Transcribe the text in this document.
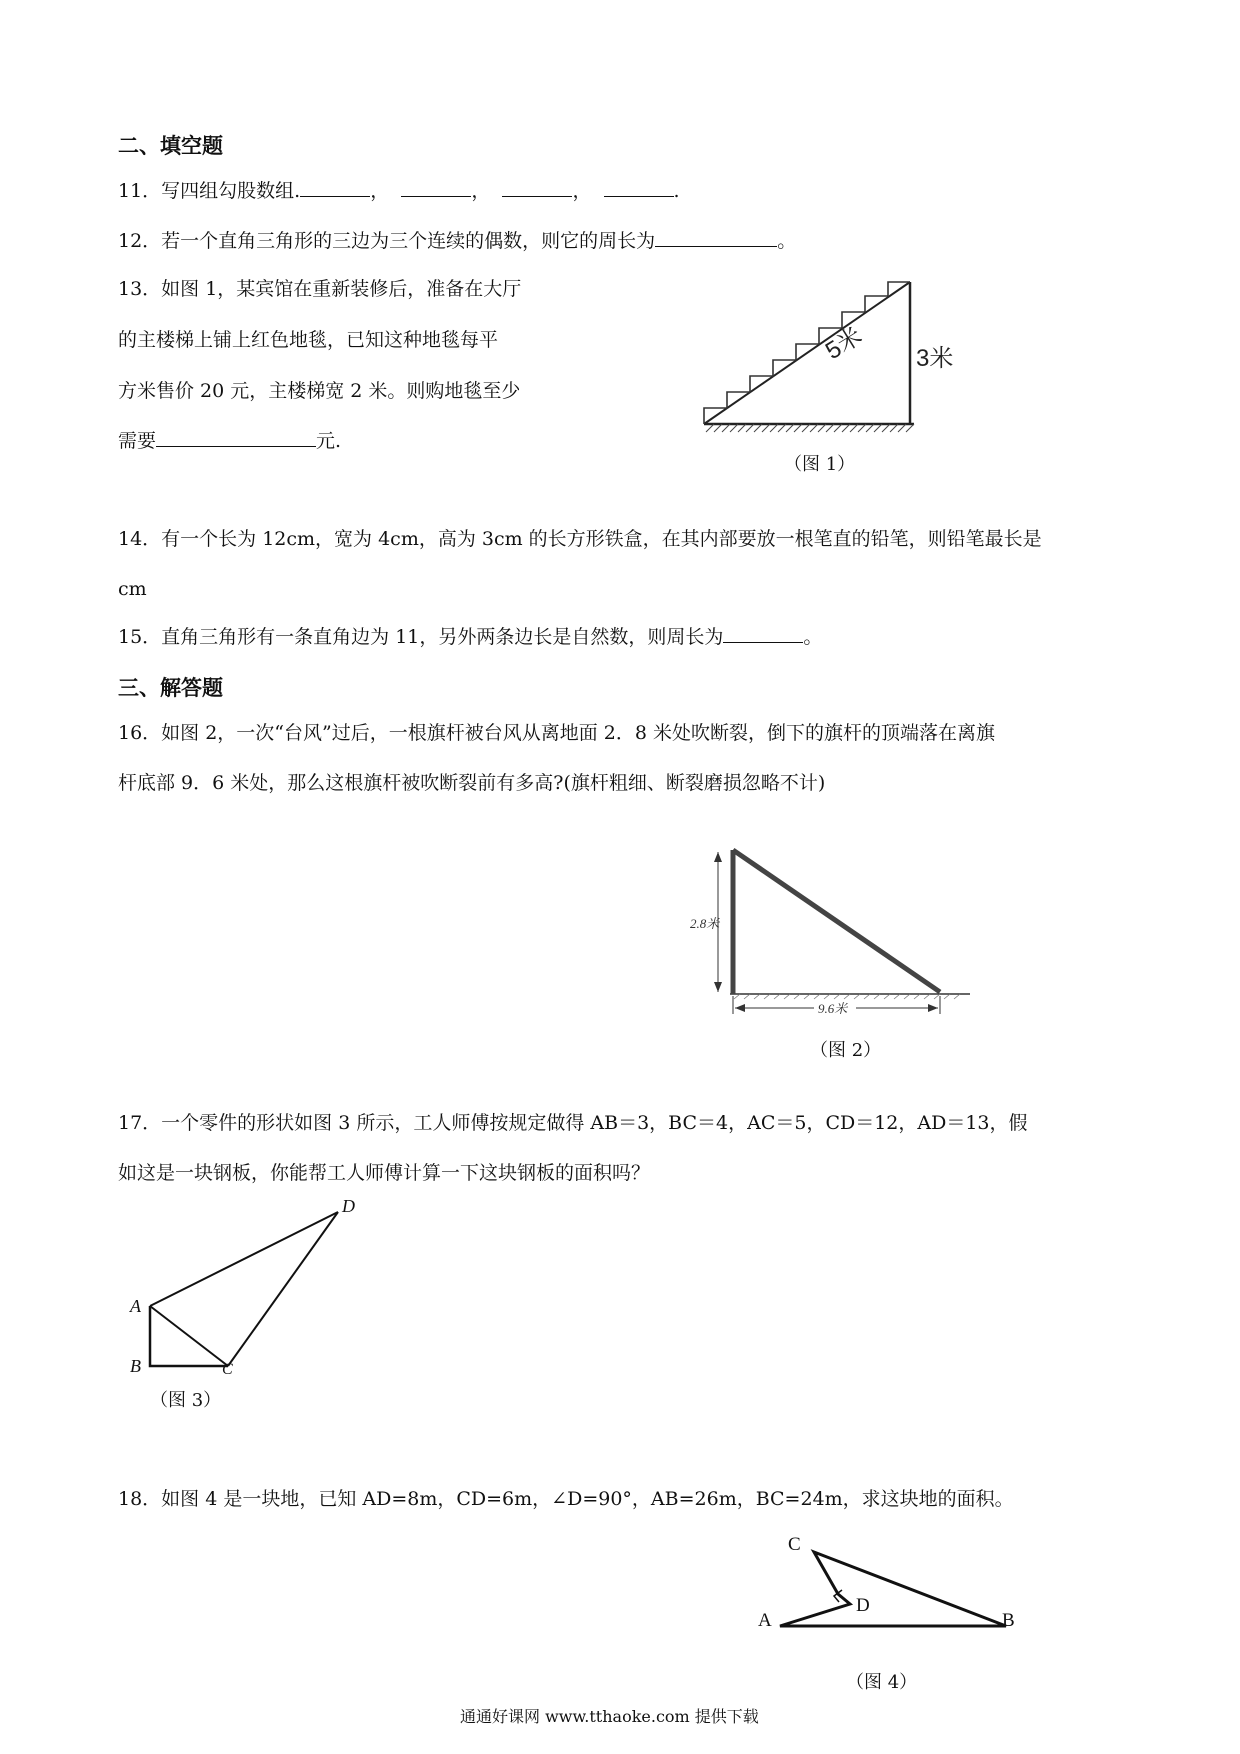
二、填空题
11．写四组勾股数组.	，	，	，	.
12．若一个直角三角形的三边为三个连续的偶数，则它的周长为	。
13．如图 1，某宾馆在重新装修后，准备在大厅
的主楼梯上铺上红色地毯，已知这种地毯每平
方米售价 20 元，主楼梯宽 2 米。则购地毯至少
需要	元.
5米 3米
（图 1）
14．有一个长为 12cm，宽为 4cm，高为 3cm 的长方形铁盒，在其内部要放一根笔直的铅笔，则铅笔最长是
cm
15．直角三角形有一条直角边为 11，另外两条边长是自然数，则周长为	。
三、解答题
16．如图 2，一次“台风”过后，一根旗杆被台风从离地面 2．8 米处吹断裂，倒下的旗杆的顶端落在离旗
杆底部 9．6 米处，那么这根旗杆被吹断裂前有多高?(旗杆粗细、断裂磨损忽略不计)
2.8米
9.6米
（图 2）
17．一个零件的形状如图 3 所示，工人师傅按规定做得 AB＝3，BC＝4，AC＝5，CD＝12，AD＝13，假
如这是一块钢板，你能帮工人师傅计算一下这块钢板的面积吗？
A
B	C
D
（图 3）
18．如图 4 是一块地，已知 AD=8m，CD=6m，∠D=90°，AB=26m，BC=24m，求这块地的面积。
C
D
A	B
（图 4）
通通好课网 www.tthaoke.com 提供下载
